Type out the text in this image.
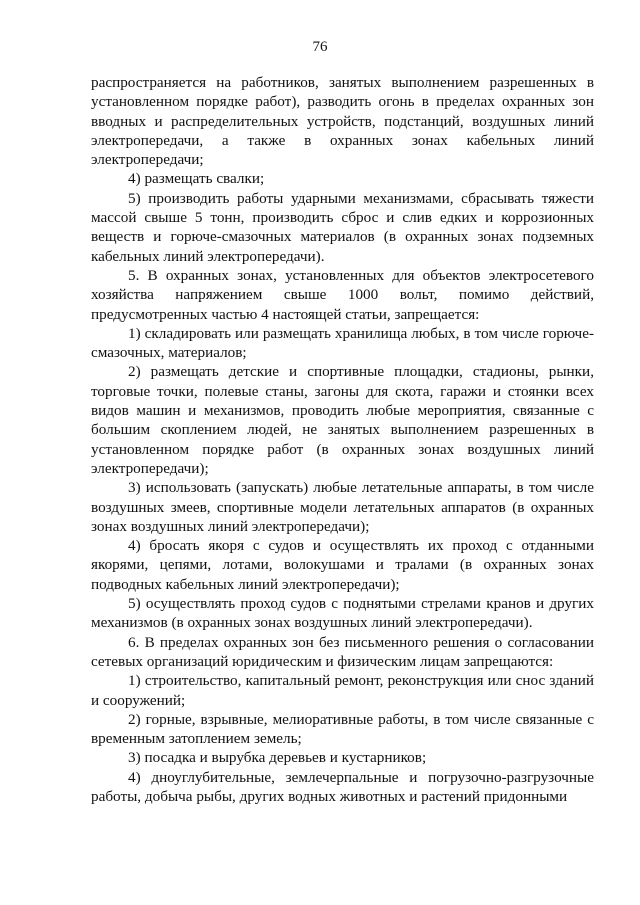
76

распространяется на работников, занятых выполнением разрешенных в установленном порядке работ), разводить огонь в пределах охранных зон вводных и распределительных устройств, подстанций, воздушных линий электропередачи, а также в охранных зонах кабельных линий электропередачи;

4) размещать свалки;

5) производить работы ударными механизмами, сбрасывать тяжести массой свыше 5 тонн, производить сброс и слив едких и коррозионных веществ и горюче-смазочных материалов (в охранных зонах подземных кабельных линий электропередачи).

5. В охранных зонах, установленных для объектов электросетевого хозяйства напряжением свыше 1000 вольт, помимо действий, предусмотренных частью 4 настоящей статьи, запрещается:

1) складировать или размещать хранилища любых, в том числе горюче-смазочных, материалов;

2) размещать детские и спортивные площадки, стадионы, рынки, торговые точки, полевые станы, загоны для скота, гаражи и стоянки всех видов машин и механизмов, проводить любые мероприятия, связанные с большим скоплением людей, не занятых выполнением разрешенных в установленном порядке работ (в охранных зонах воздушных линий электропередачи);

3) использовать (запускать) любые летательные аппараты, в том числе воздушных змеев, спортивные модели летательных аппаратов (в охранных зонах воздушных линий электропередачи);

4) бросать якоря с судов и осуществлять их проход с отданными якорями, цепями, лотами, волокушами и тралами (в охранных зонах подводных кабельных линий электропередачи);

5) осуществлять проход судов с поднятыми стрелами кранов и других механизмов (в охранных зонах воздушных линий электропередачи).

6. В пределах охранных зон без письменного решения о согласовании сетевых организаций юридическим и физическим лицам запрещаются:

1) строительство, капитальный ремонт, реконструкция или снос зданий и сооружений;

2) горные, взрывные, мелиоративные работы, в том числе связанные с временным затоплением земель;

3) посадка и вырубка деревьев и кустарников;

4) дноуглубительные, землечерпальные и погрузочно-разгрузочные работы, добыча рыбы, других водных животных и растений придонными
